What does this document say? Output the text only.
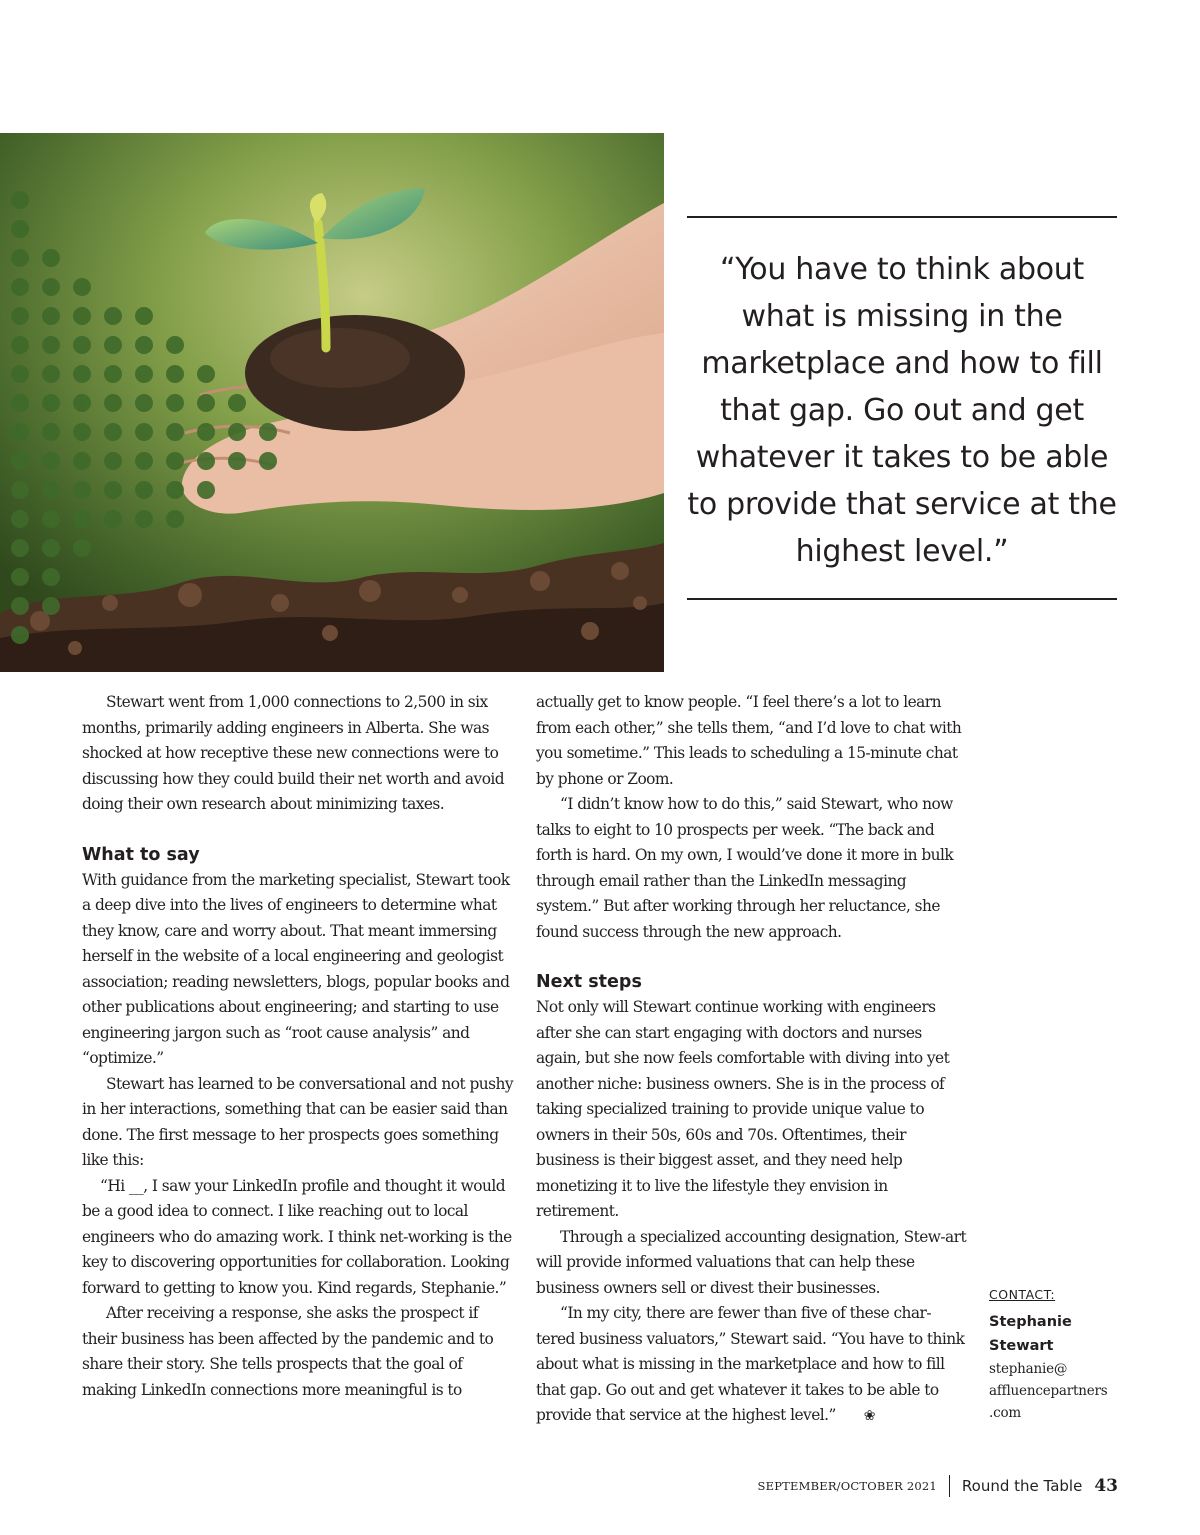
“You have to think about what is missing in the marketplace and how to fill that gap. Go out and get whatever it takes to be able to provide that service at the highest level.”

Stewart went from 1,000 connections to 2,500 in six months, primarily adding engineers in Alberta. She was shocked at how receptive these new connections were to discussing how they could build their net worth and avoid doing their own research about minimizing taxes.

What to say

With guidance from the marketing specialist, Stewart took a deep dive into the lives of engineers to determine what they know, care and worry about. That meant immersing herself in the website of a local engineering and geologist association; reading newsletters, blogs, popular books and other publications about engineering; and starting to use engineering jargon such as “root cause analysis” and “optimize.”

Stewart has learned to be conversational and not pushy in her interactions, something that can be easier said than done. The first message to her prospects goes something like this:

“Hi __, I saw your LinkedIn profile and thought it would be a good idea to connect. I like reaching out to local engineers who do amazing work. I think net-working is the key to discovering opportunities for collaboration. Looking forward to getting to know you. Kind regards, Stephanie.”

After receiving a response, she asks the prospect if their business has been affected by the pandemic and to share their story. She tells prospects that the goal of making LinkedIn connections more meaningful is to

actually get to know people. “I feel there’s a lot to learn from each other,” she tells them, “and I’d love to chat with you sometime.” This leads to scheduling a 15-minute chat by phone or Zoom.

“I didn’t know how to do this,” said Stewart, who now talks to eight to 10 prospects per week. “The back and forth is hard. On my own, I would’ve done it more in bulk through email rather than the LinkedIn messaging system.” But after working through her reluctance, she found success through the new approach.

Next steps

Not only will Stewart continue working with engineers after she can start engaging with doctors and nurses again, but she now feels comfortable with diving into yet another niche: business owners. She is in the process of taking specialized training to provide unique value to owners in their 50s, 60s and 70s. Oftentimes, their business is their biggest asset, and they need help monetizing it to live the lifestyle they envision in retirement.

Through a specialized accounting designation, Stew-art will provide informed valuations that can help these business owners sell or divest their businesses.

“In my city, there are fewer than five of these char-tered business valuators,” Stewart said. “You have to think about what is missing in the marketplace and how to fill that gap. Go out and get whatever it takes to be able to provide that service at the highest level.” ❀

CONTACT:
Stephanie
Stewart
stephanie@
affluencepartners
.com
SEPTEMBER/OCTOBER 2021 Round the Table 43
